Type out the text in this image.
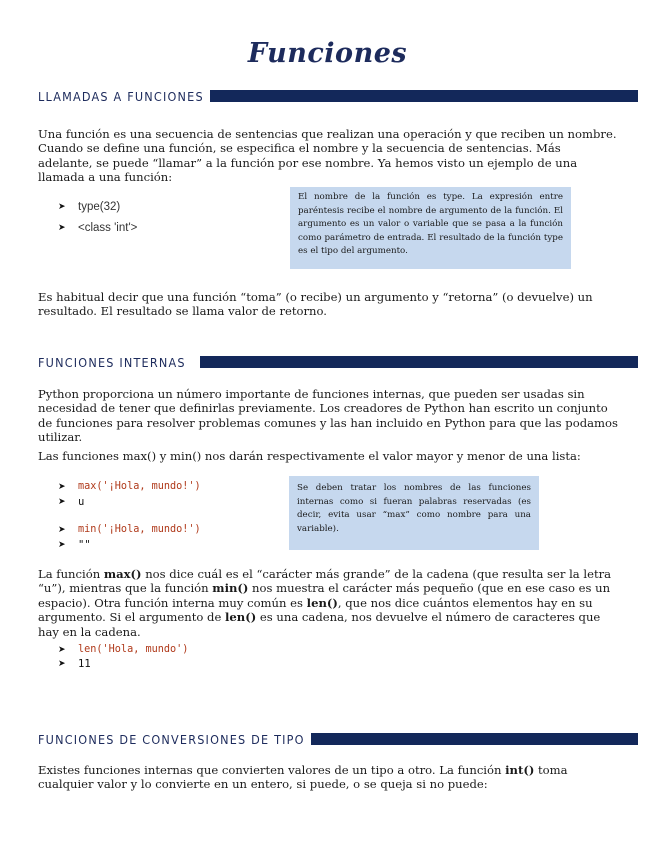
Funciones
LLAMADAS A FUNCIONES

Una función es una secuencia de sentencias que realizan una operación y que reciben un nombre. Cuando se define una función, se especifica el nombre y la secuencia de sentencias. Más adelante, se puede “llamar” a la función por ese nombre. Ya hemos visto un ejemplo de una llamada a una función:

➤	type(32)
➤	<class 'int'>
El nombre de la función es type. La expresión entre paréntesis recibe el nombre de argumento de la función. El argumento es un valor o variable que se pasa a la función como parámetro de entrada. El resultado de la función type es el tipo del argumento.

Es habitual decir que una función “toma” (o recibe) un argumento y “retorna” (o devuelve) un resultado. El resultado se llama valor de retorno.

FUNCIONES INTERNAS

Python proporciona un número importante de funciones internas, que pueden ser usadas sin necesidad de tener que definirlas previamente. Los creadores de Python han escrito un conjunto de funciones para resolver problemas comunes y las han incluido en Python para que las podamos utilizar.

Las funciones max() y min() nos darán respectivamente el valor mayor y menor de una lista:

➤	max('¡Hola, mundo!')
➤	u
➤	min('¡Hola, mundo!')
➤	""
Se deben tratar los nombres de las funciones internas como si fueran palabras reservadas (es decir, evita usar “max” como nombre para una variable).

La función max() nos dice cuál es el “carácter más grande” de la cadena (que resulta ser la letra “u”), mientras que la función min() nos muestra el carácter más pequeño (que en ese caso es un espacio). Otra función interna muy común es len(), que nos dice cuántos elementos hay en su argumento. Si el argumento de len() es una cadena, nos devuelve el número de caracteres que hay en la cadena.

➤	len('Hola, mundo')
➤	11
FUNCIONES DE CONVERSIONES DE TIPO

Existes funciones internas que convierten valores de un tipo a otro. La función int() toma cualquier valor y lo convierte en un entero, si puede, o se queja si no puede:
